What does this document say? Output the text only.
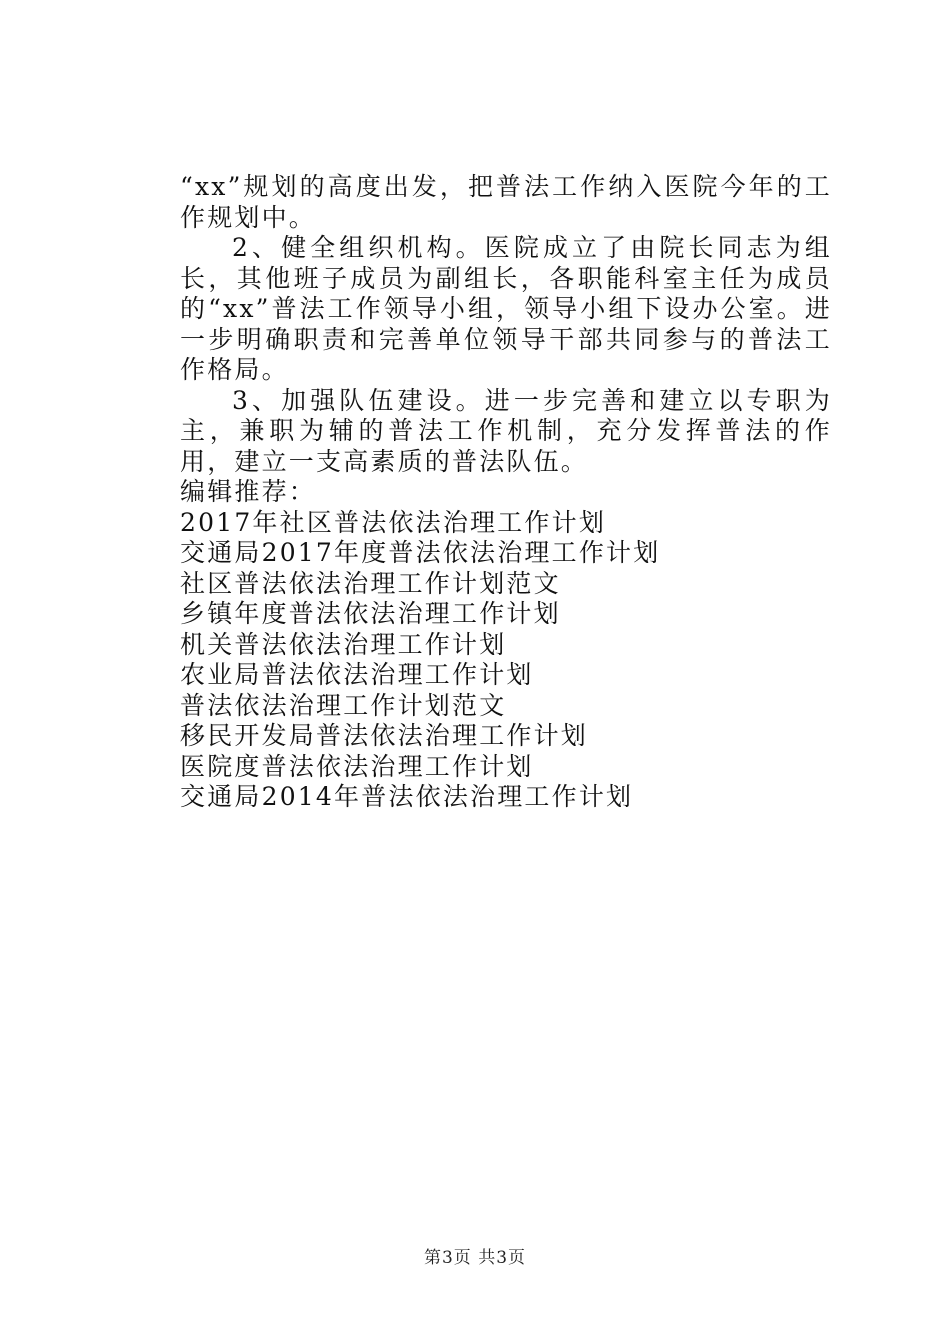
“xx”规划的高度出发，把普法工作纳入医院今年的工作规划中。

2、健全组织机构。医院成立了由院长同志为组长，其他班子成员为副组长，各职能科室主任为成员的“xx”普法工作领导小组，领导小组下设办公室。进一步明确职责和完善单位领导干部共同参与的普法工作格局。

3、加强队伍建设。进一步完善和建立以专职为主，兼职为辅的普法工作机制，充分发挥普法的作用，建立一支高素质的普法队伍。

编辑推荐：

2017年社区普法依法治理工作计划
交通局2017年度普法依法治理工作计划
社区普法依法治理工作计划范文
乡镇年度普法依法治理工作计划
机关普法依法治理工作计划
农业局普法依法治理工作计划
普法依法治理工作计划范文
移民开发局普法依法治理工作计划
医院度普法依法治理工作计划
交通局2014年普法依法治理工作计划
第3页 共3页
